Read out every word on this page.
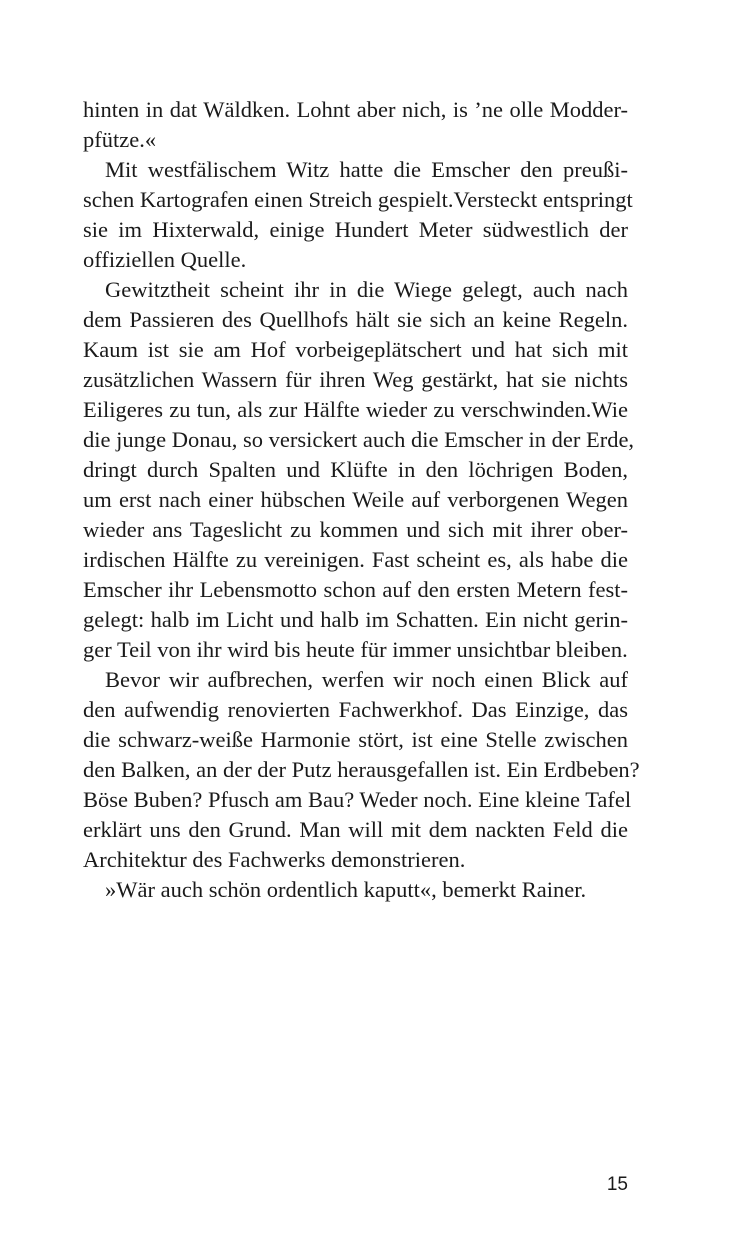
hinten in dat Wäldken. Lohnt aber nich, is ’ne olle Modder-
pfütze.«
Mit westfälischem Witz hatte die Emscher den preußi-
schen Kartografen einen Streich gespielt.Versteckt entspringt
sie im Hixterwald, einige Hundert Meter südwestlich der
offiziellen Quelle.
Gewitztheit scheint ihr in die Wiege gelegt, auch nach
dem Passieren des Quellhofs hält sie sich an keine Regeln.
Kaum ist sie am Hof vorbeigeplätschert und hat sich mit
zusätzlichen Wassern für ihren Weg gestärkt, hat sie nichts
Eiligeres zu tun, als zur Hälfte wieder zu verschwinden.Wie
die junge Donau, so versickert auch die Emscher in der Erde,
dringt durch Spalten und Klüfte in den löchrigen Boden,
um erst nach einer hübschen Weile auf verborgenen Wegen
wieder ans Tageslicht zu kommen und sich mit ihrer ober-
irdischen Hälfte zu vereinigen. Fast scheint es, als habe die
Emscher ihr Lebensmotto schon auf den ersten Metern fest-
gelegt: halb im Licht und halb im Schatten. Ein nicht gerin-
ger Teil von ihr wird bis heute für immer unsichtbar bleiben.
Bevor wir aufbrechen, werfen wir noch einen Blick auf
den aufwendig renovierten Fachwerkhof. Das Einzige, das
die schwarz-weiße Harmonie stört, ist eine Stelle zwischen
den Balken, an der der Putz herausgefallen ist. Ein Erdbeben?
Böse Buben? Pfusch am Bau? Weder noch. Eine kleine Tafel
erklärt uns den Grund. Man will mit dem nackten Feld die
Architektur des Fachwerks demonstrieren.
»Wär auch schön ordentlich kaputt«, bemerkt Rainer.
15
